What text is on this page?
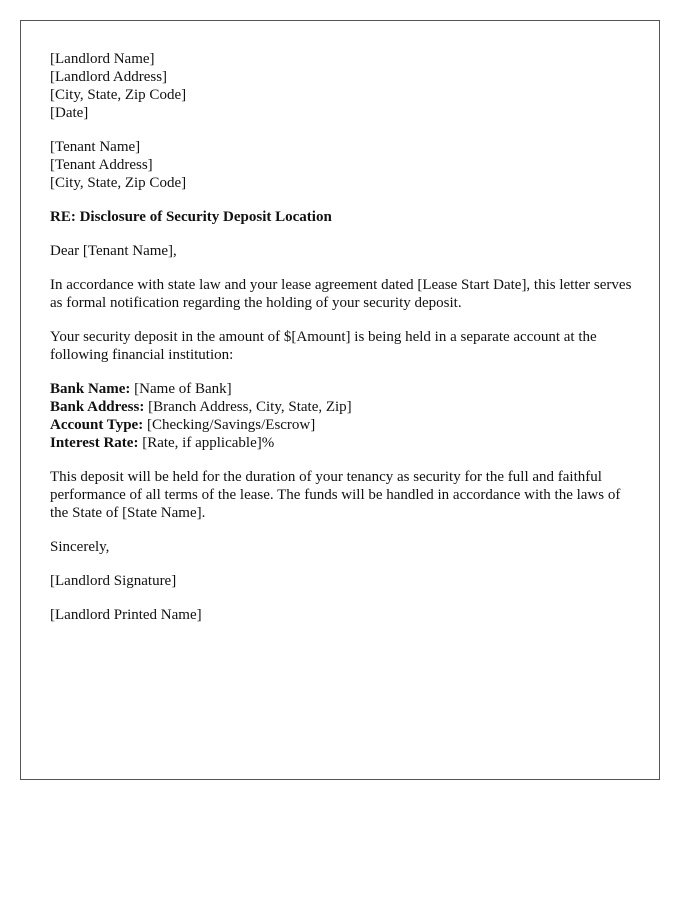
[Landlord Name]
[Landlord Address]
[City, State, Zip Code]
[Date]
[Tenant Name]
[Tenant Address]
[City, State, Zip Code]

RE: Disclosure of Security Deposit Location

Dear [Tenant Name],

In accordance with state law and your lease agreement dated [Lease Start Date], this letter serves as formal notification regarding the holding of your security deposit.

Your security deposit in the amount of $[Amount] is being held in a separate account at the following financial institution:

Bank Name: [Name of Bank]
Bank Address: [Branch Address, City, State, Zip]
Account Type: [Checking/Savings/Escrow]
Interest Rate: [Rate, if applicable]%

This deposit will be held for the duration of your tenancy as security for the full and faithful performance of all terms of the lease. The funds will be handled in accordance with the laws of the State of [State Name].

Sincerely,

[Landlord Signature]

[Landlord Printed Name]
